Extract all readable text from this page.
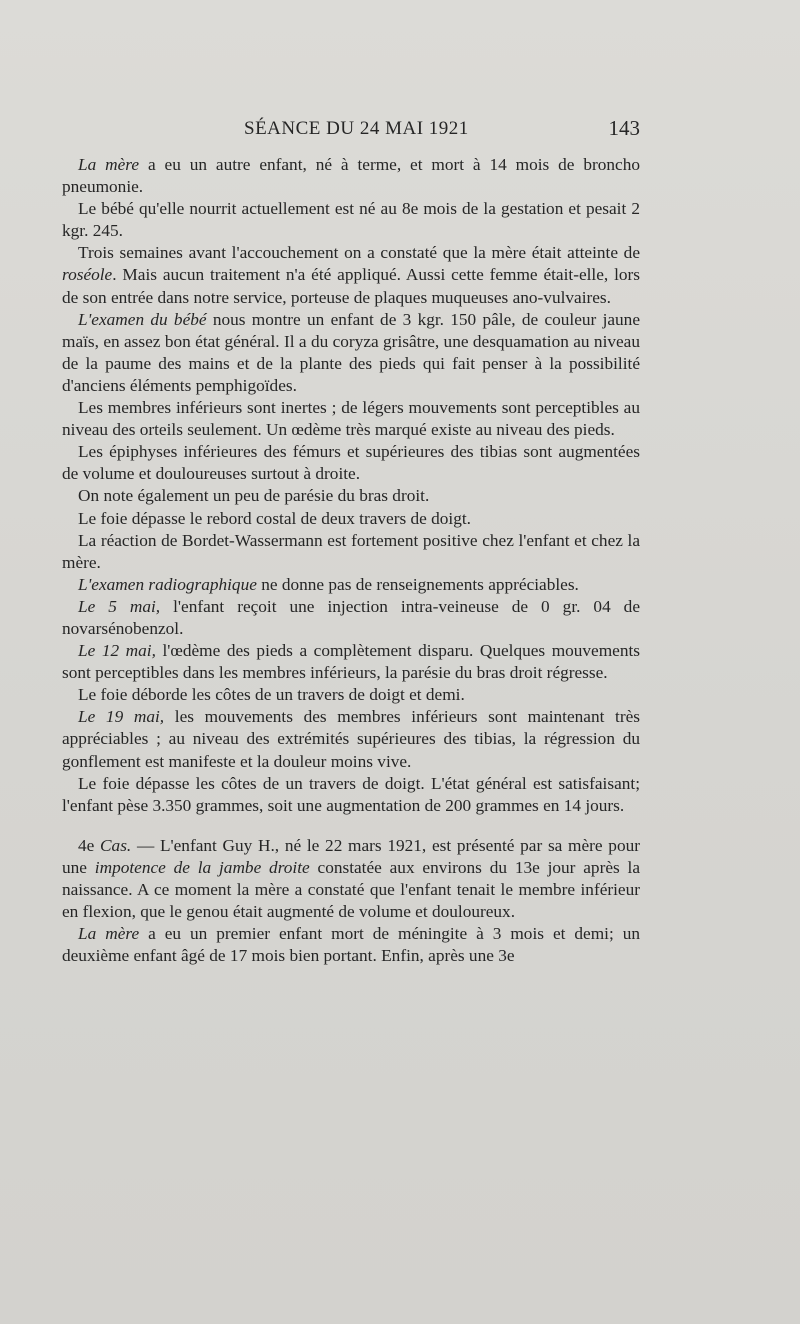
SÉANCE DU 24 MAI 1921	143

La mère a eu un autre enfant, né à terme, et mort à 14 mois de broncho pneumonie.

Le bébé qu'elle nourrit actuellement est né au 8e mois de la gestation et pesait 2 kgr. 245.

Trois semaines avant l'accouchement on a constaté que la mère était atteinte de roséole. Mais aucun traitement n'a été appliqué. Aussi cette femme était-elle, lors de son entrée dans notre service, porteuse de plaques muqueuses ano-vulvaires.

L'examen du bébé nous montre un enfant de 3 kgr. 150 pâle, de couleur jaune maïs, en assez bon état général. Il a du coryza grisâtre, une desquamation au niveau de la paume des mains et de la plante des pieds qui fait penser à la possibilité d'anciens éléments pemphigoïdes.

Les membres inférieurs sont inertes ; de légers mouvements sont perceptibles au niveau des orteils seulement. Un œdème très marqué existe au niveau des pieds.

Les épiphyses inférieures des fémurs et supérieures des tibias sont augmentées de volume et douloureuses surtout à droite.

On note également un peu de parésie du bras droit.

Le foie dépasse le rebord costal de deux travers de doigt.

La réaction de Bordet-Wassermann est fortement positive chez l'enfant et chez la mère.

L'examen radiographique ne donne pas de renseignements appréciables.

Le 5 mai, l'enfant reçoit une injection intra-veineuse de 0 gr. 04 de novarsénobenzol.

Le 12 mai, l'œdème des pieds a complètement disparu. Quelques mouvements sont perceptibles dans les membres inférieurs, la parésie du bras droit régresse.

Le foie déborde les côtes de un travers de doigt et demi.

Le 19 mai, les mouvements des membres inférieurs sont maintenant très appréciables ; au niveau des extrémités supérieures des tibias, la régression du gonflement est manifeste et la douleur moins vive.

Le foie dépasse les côtes de un travers de doigt. L'état général est satisfaisant; l'enfant pèse 3.350 grammes, soit une augmentation de 200 grammes en 14 jours.

4e Cas. — L'enfant Guy H., né le 22 mars 1921, est présenté par sa mère pour une impotence de la jambe droite constatée aux environs du 13e jour après la naissance. A ce moment la mère a constaté que l'enfant tenait le membre inférieur en flexion, que le genou était augmenté de volume et douloureux.

La mère a eu un premier enfant mort de méningite à 3 mois et demi; un deuxième enfant âgé de 17 mois bien portant. Enfin, après une 3e
